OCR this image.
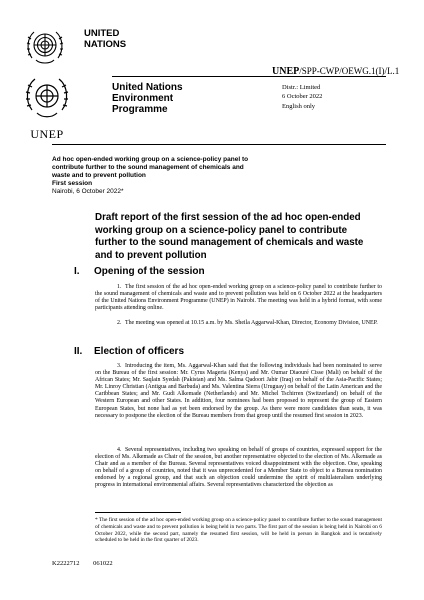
UNITED
NATIONS
UNEP
United Nations
Environment
Programme
UNEP/SPP-CWP/OEWG.1(I)/L.1
Distr.: Limited
6 October 2022
English only
Ad hoc open-ended working group on a science-policy panel to contribute further to the sound management of chemicals and waste and to prevent pollution
First session
Nairobi, 6 October 2022*
Draft report of the first session of the ad hoc open-ended working group on a science-policy panel to contribute further to the sound management of chemicals and waste and to prevent pollution
I. Opening of the session
1. The first session of the ad hoc open-ended working group on a science-policy panel to contribute further to the sound management of chemicals and waste and to prevent pollution was held on 6 October 2022 at the headquarters of the United Nations Environment Programme (UNEP) in Nairobi. The meeting was held in a hybrid format, with some participants attending online.
2. The meeting was opened at 10.15 a.m. by Ms. Sheila Aggarwal-Khan, Director, Economy Division, UNEP.
II. Election of officers
3. Introducing the item, Ms. Aggarwal-Khan said that the following individuals had been nominated to serve on the Bureau of the first session: Mr. Cyrus Mageria (Kenya) and Mr. Oumar Diaouré Cisse (Mali) on behalf of the African States; Mr. Saqlain Syedah (Pakistan) and Ms. Salma Qadoori Jabir (Iraq) on behalf of the Asia-Pacific States; Mr. Linroy Christian (Antigua and Barbuda) and Ms. Valentina Sierra (Uruguay) on behalf of the Latin American and the Caribbean States; and Mr. Gudi Alkemade (Netherlands) and Mr. Michel Tschirren (Switzerland) on behalf of the Western European and other States. In addition, four nominees had been proposed to represent the group of Eastern European States, but none had as yet been endorsed by the group. As there were more candidates than seats, it was necessary to postpone the election of the Bureau members from that group until the resumed first session in 2023.
4. Several representatives, including two speaking on behalf of groups of countries, expressed support for the election of Ms. Alkemade as Chair of the session, but another representative objected to the election of Ms. Alkemade as Chair and as a member of the Bureau. Several representatives voiced disappointment with the objection. One, speaking on behalf of a group of countries, noted that it was unprecedented for a Member State to object to a Bureau nomination endorsed by a regional group, and that such an objection could undermine the spirit of multilateralism underlying progress in international environmental affairs. Several representatives characterized the objection as
* The first session of the ad hoc open-ended working group on a science-policy panel to contribute further to the sound management of chemicals and waste and to prevent pollution is being held in two parts. The first part of the session is being held in Nairobi on 6 October 2022, while the second part, namely the resumed first session, will be held in person in Bangkok and is tentatively scheduled to be held in the first quarter of 2023.
K2222712 061022
